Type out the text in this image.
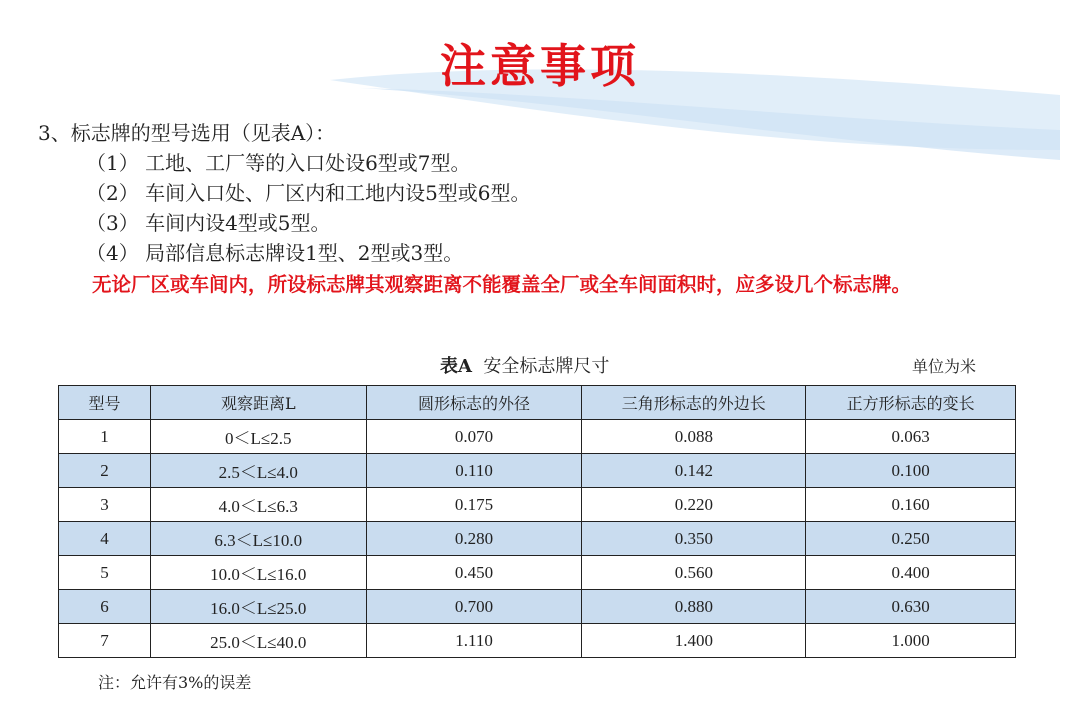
注意事项
3、标志牌的型号选用（见表A）：
（1） 工地、工厂等的入口处设6型或7型。
（2） 车间入口处、厂区内和工地内设5型或6型。
（3） 车间内设4型或5型。
（4） 局部信息标志牌设1型、2型或3型。
无论厂区或车间内，所设标志牌其观察距离不能覆盖全厂或全车间面积时，应多设几个标志牌。
表A 安全标志牌尺寸	单位为米
型号	观察距离L	圆形标志的外径	三角形标志的外边长	正方形标志的变长
1	0＜L≤2.5	0.070	0.088	0.063
2	2.5＜L≤4.0	0.110	0.142	0.100
3	4.0＜L≤6.3	0.175	0.220	0.160
4	6.3＜L≤10.0	0.280	0.350	0.250
5	10.0＜L≤16.0	0.450	0.560	0.400
6	16.0＜L≤25.0	0.700	0.880	0.630
7	25.0＜L≤40.0	1.110	1.400	1.000
注：允许有3%的误差
